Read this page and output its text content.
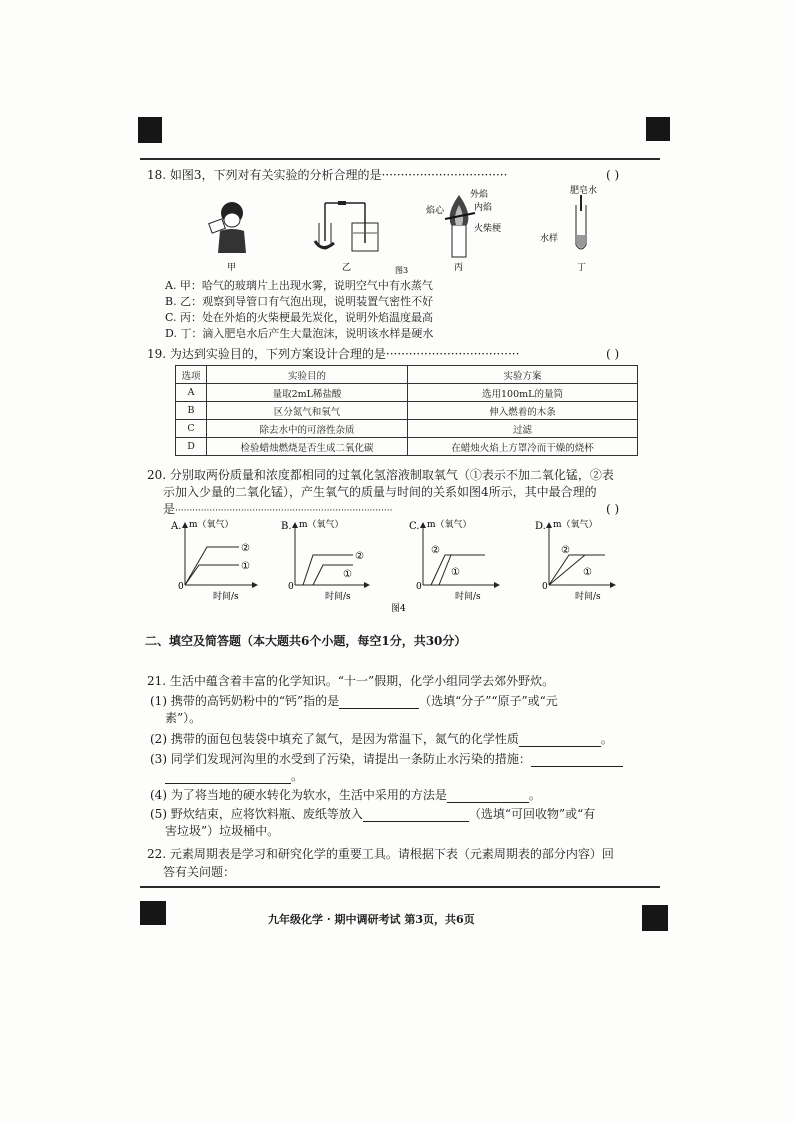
18. 如图3，下列对有关实验的分析合理的是·································	( )
甲	乙	图3
外焰
内焰
焰心
火柴梗
丙
肥皂水
水样
丁
A. 甲：哈气的玻璃片上出现水雾，说明空气中有水蒸气
B. 乙：观察到导管口有气泡出现，说明装置气密性不好
C. 丙：处在外焰的火柴梗最先炭化，说明外焰温度最高
D. 丁：滴入肥皂水后产生大量泡沫，说明该水样是硬水
19. 为达到实验目的，下列方案设计合理的是···································	( )
选项	实验目的	实验方案
A	量取2mL稀盐酸	选用100mL的量筒
B	区分氮气和氧气	伸入燃着的木条
C	除去水中的可溶性杂质	过滤
D	检验蜡烛燃烧是否生成二氧化碳	在蜡烛火焰上方罩冷而干燥的烧杯
20. 分别取两份质量和浓度都相同的过氧化氢溶液制取氧气（①表示不加二氧化锰，②表
示加入少量的二氧化锰），产生氧气的质量与时间的关系如图4所示，其中最合理的
是············································································	( )
A. m（氧气）
②
①
0
时间/s
B. m（氧气）
②
①
0
时间/s
C. m（氧气）
②
①
0
时间/s
D. m（氧气）
②
①
0
时间/s
图4
二、填空及简答题（本大题共6个小题，每空1分，共30分）
21. 生活中蕴含着丰富的化学知识。“十一”假期，化学小组同学去郊外野炊。
(1) 携带的高钙奶粉中的“钙”指的是	（选填“分子”“原子”或“元
素”）。
(2) 携带的面包包装袋中填充了氮气，是因为常温下，氮气的化学性质	。
(3) 同学们发现河沟里的水受到了污染，请提出一条防止水污染的措施：
。
(4) 为了将当地的硬水转化为软水，生活中采用的方法是	。
(5) 野炊结束，应将饮料瓶、废纸等放入	（选填“可回收物”或“有
害垃圾”）垃圾桶中。
22. 元素周期表是学习和研究化学的重要工具。请根据下表（元素周期表的部分内容）回
答有关问题：
九年级化学 · 期中调研考试 第3页，共6页
